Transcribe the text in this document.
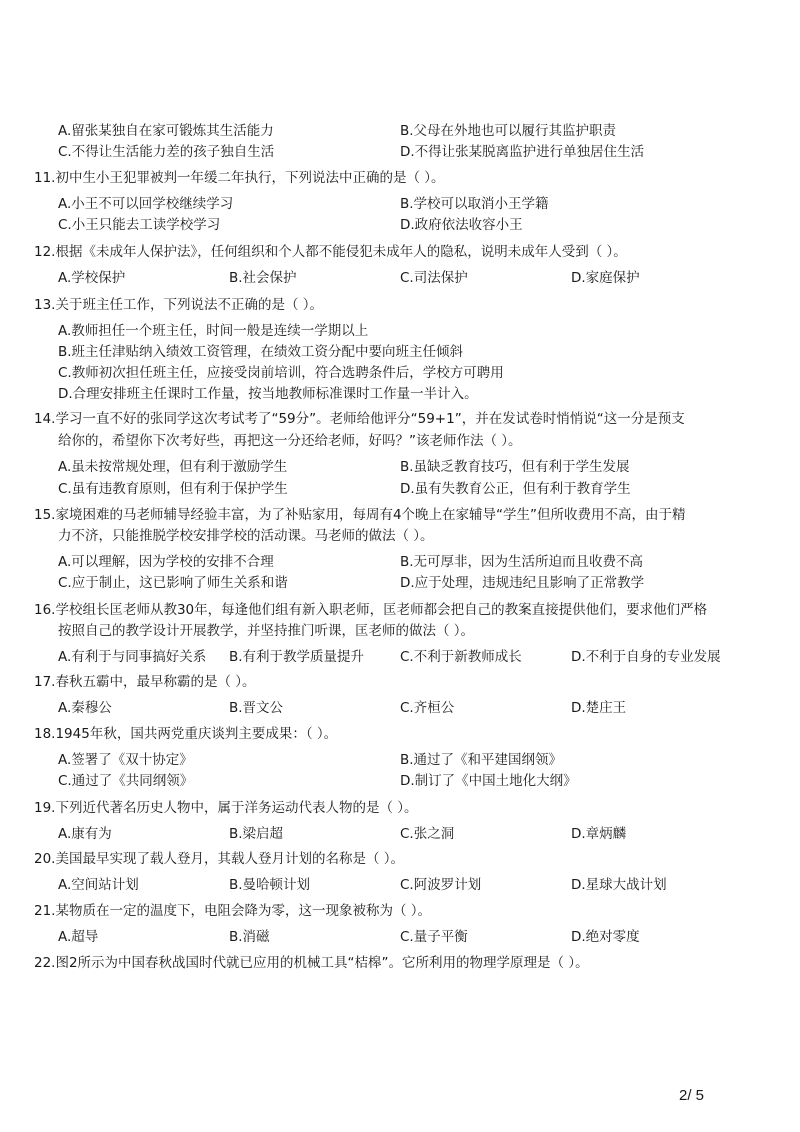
A.留张某独自在家可锻炼其生活能力	B.父母在外地也可以履行其监护职责
C.不得让生活能力差的孩子独自生活	D.不得让张某脱离监护进行单独居住生活
11.初中生小王犯罪被判一年缓二年执行，下列说法中正确的是（ ）。
A.小王不可以回学校继续学习	B.学校可以取消小王学籍
C.小王只能去工读学校学习	D.政府依法收容小王
12.根据《未成年人保护法》，任何组织和个人都不能侵犯未成年人的隐私，说明未成年人受到（ ）。
A.学校保护	B.社会保护	C.司法保护	D.家庭保护
13.关于班主任工作，下列说法不正确的是（ ）。
A.教师担任一个班主任，时间一般是连续一学期以上
B.班主任津贴纳入绩效工资管理，在绩效工资分配中要向班主任倾斜
C.教师初次担任班主任，应接受岗前培训，符合选聘条件后，学校方可聘用
D.合理安排班主任课时工作量，按当地教师标准课时工作量一半计入。
14.学习一直不好的张同学这次考试考了“59分”。老师给他评分“59+1”，并在发试卷时悄悄说“这一分是预支
给你的，希望你下次考好些，再把这一分还给老师，好吗？”该老师作法（ ）。
A.虽未按常规处理，但有利于激励学生	B.虽缺乏教育技巧，但有利于学生发展
C.虽有违教育原则，但有利于保护学生	D.虽有失教育公正，但有利于教育学生
15.家境困难的马老师辅导经验丰富，为了补贴家用，每周有4个晚上在家辅导“学生”但所收费用不高，由于精
力不济，只能推脱学校安排学校的活动课。马老师的做法（ ）。
A.可以理解，因为学校的安排不合理	B.无可厚非，因为生活所迫而且收费不高
C.应于制止，这已影响了师生关系和谐	D.应于处理，违规违纪且影响了正常教学
16.学校组长匡老师从教30年，每逢他们组有新入职老师，匡老师都会把自己的教案直接提供他们，要求他们严格
按照自己的教学设计开展教学，并坚持推门听课，匡老师的做法（ ）。
A.有利于与同事搞好关系 B.有利于教学质量提升	C.不利于新教师成长	D.不利于自身的专业发展
17.春秋五霸中，最早称霸的是（ ）。
A.秦穆公	B.晋文公	C.齐桓公	D.楚庄王
18.1945年秋，国共两党重庆谈判主要成果：（ ）。
A.签署了《双十协定》	B.通过了《和平建国纲领》
C.通过了《共同纲领》	D.制订了《中国土地化大纲》
19.下列近代著名历史人物中，属于洋务运动代表人物的是（ ）。
A.康有为	B.梁启超	C.张之洞	D.章炳麟
20.美国最早实现了载人登月，其载人登月计划的名称是（ ）。
A.空间站计划	B.曼哈顿计划	C.阿波罗计划	D.星球大战计划
21.某物质在一定的温度下，电阻会降为零，这一现象被称为（ ）。
A.超导	B.消磁	C.量子平衡	D.绝对零度
22.图2所示为中国春秋战国时代就已应用的机械工具“桔槔”。它所利用的物理学原理是（ ）。
2/ 5
